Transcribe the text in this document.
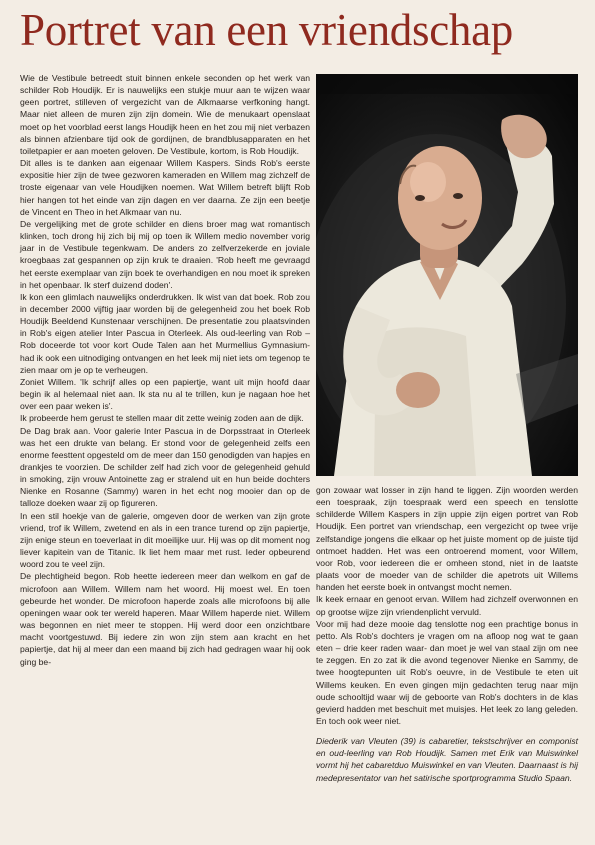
Portret van een vriendschap

Wie de Vestibule betreedt stuit binnen enkele seconden op het werk van schilder Rob Houdijk. Er is nauwelijks een stukje muur aan te wijzen waar geen portret, stilleven of vergezicht van de Alkmaarse verfkoning hangt. Maar niet alleen de muren zijn zijn domein. Wie de menukaart openslaat moet op het voorblad eerst langs Houdijk heen en het zou mij niet verbazen als binnen afzienbare tijd ook de gordijnen, de brandblusapparaten en het toiletpapier er aan moeten geloven. De Vestibule, kortom, is Rob Houdijk.

Dit alles is te danken aan eigenaar Willem Kaspers. Sinds Rob's eerste expositie hier zijn de twee gezworen kameraden en Willem mag zichzelf de troste eigenaar van vele Houdijken noemen. Wat Willem betreft blijft Rob hier hangen tot het einde van zijn dagen en ver daarna. Ze zijn een beetje de Vincent en Theo in het Alkmaar van nu.

De vergelijking met de grote schilder en diens broer mag wat romantisch klinken, toch drong hij zich bij mij op toen ik Willem medio november vorig jaar in de Vestibule tegenkwam. De anders zo zelfverzekerde en joviale kroegbaas zat gespannen op zijn kruk te draaien. 'Rob heeft me gevraagd het eerste exemplaar van zijn boek te overhandigen en nou moet ik spreken in het openbaar. Ik sterf duizend doden'.

Ik kon een glimlach nauwelijks onderdrukken. Ik wist van dat boek. Rob zou in december 2000 vijftig jaar worden bij de gelegenheid zou het boek Rob Houdijk Beeldend Kunstenaar verschijnen. De presentatie zou plaatsvinden in Rob's eigen atelier Inter Pascua in Oterleek. Als oud-leerling van Rob – Rob doceerde tot voor kort Oude Talen aan het Murmellius Gymnasium- had ik ook een uitnodiging ontvangen en het leek mij niet iets om tegenop te zien maar om je op te verheugen.

Zoniet Willem. 'Ik schrijf alles op een papiertje, want uit mijn hoofd daar begin ik al helemaal niet aan. Ik sta nu al te trillen, kun je nagaan hoe het over een paar weken is'.

Ik probeerde hem gerust te stellen maar dit zette weinig zoden aan de dijk.

De Dag brak aan. Voor galerie Inter Pascua in de Dorpsstraat in Oterleek was het een drukte van belang. Er stond voor de gelegenheid zelfs een enorme feesttent opgesteld om de meer dan 150 genodigden van hapjes en drankjes te voorzien. De schilder zelf had zich voor de gelegenheid gehuld in smoking, zijn vrouw Antoinette zag er stralend uit en hun beide dochters Nienke en Rosanne (Sammy) waren in het echt nog mooier dan op de talloze doeken waar zij op figureren.

In een stil hoekje van de galerie, omgeven door de werken van zijn grote vriend, trof ik Willem, zwetend en als in een trance turend op zijn papiertje, zijn enige steun en toeverlaat in dit moeilijke uur. Hij was op dit moment nog liever kapitein van de Titanic. Ik liet hem maar met rust. Ieder opbeurend woord zou te veel zijn.

De plechtigheid begon. Rob heette iedereen meer dan welkom en gaf de microfoon aan Willem. Willem nam het woord. Hij moest wel. En toen gebeurde het wonder. De microfoon haperde zoals alle microfoons bij alle openingen waar ook ter wereld haperen. Maar Willem haperde niet. Willem was begonnen en niet meer te stoppen. Hij werd door een onzichtbare macht voortgestuwd. Bij iedere zin won zijn stem aan kracht en het papiertje, dat hij al meer dan een maand bij zich had gedragen waar hij ook ging be-

gon zowaar wat losser in zijn hand te liggen. Zijn woorden werden een toespraak, zijn toespraak werd een speech en tenslotte schilderde Willem Kaspers in zijn uppie zijn eigen portret van Rob Houdijk. Een portret van vriendschap, een vergezicht op twee vrije zelfstandige jongens die elkaar op het juiste moment op de juiste tijd ontmoet hadden. Het was een ontroerend moment, voor Willem, voor Rob, voor iedereen die er omheen stond, niet in de laatste plaats voor de moeder van de schilder die apetrots uit Willems handen het eerste boek in ontvangst mocht nemen.

Ik keek ernaar en genoot ervan. Willem had zichzelf overwonnen en op grootse wijze zijn vriendenplicht vervuld.

Voor mij had deze mooie dag tenslotte nog een prachtige bonus in petto. Als Rob's dochters je vragen om na afloop nog wat te gaan eten – drie keer raden waar- dan moet je wel van staal zijn om nee te zeggen. En zo zat ik die avond tegenover Nienke en Sammy, de twee hoogtepunten uit Rob's oeuvre, in de Vestibule te eten uit Willems keuken. En even gingen mijn gedachten terug naar mijn oude schooltijd waar wij de geboorte van Rob's dochters in de klas gevierd hadden met beschuit met muisjes. Het leek zo lang geleden. En toch ook weer niet.

Diederik van Vleuten (39) is cabaretier, tekstschrijver en componist en oud-leerling van Rob Houdijk. Samen met Erik van Muiswinkel vormt hij het cabaretduo Muiswinkel en van Vleuten. Daarnaast is hij medepresentator van het satirische sportprogramma Studio Spaan.
